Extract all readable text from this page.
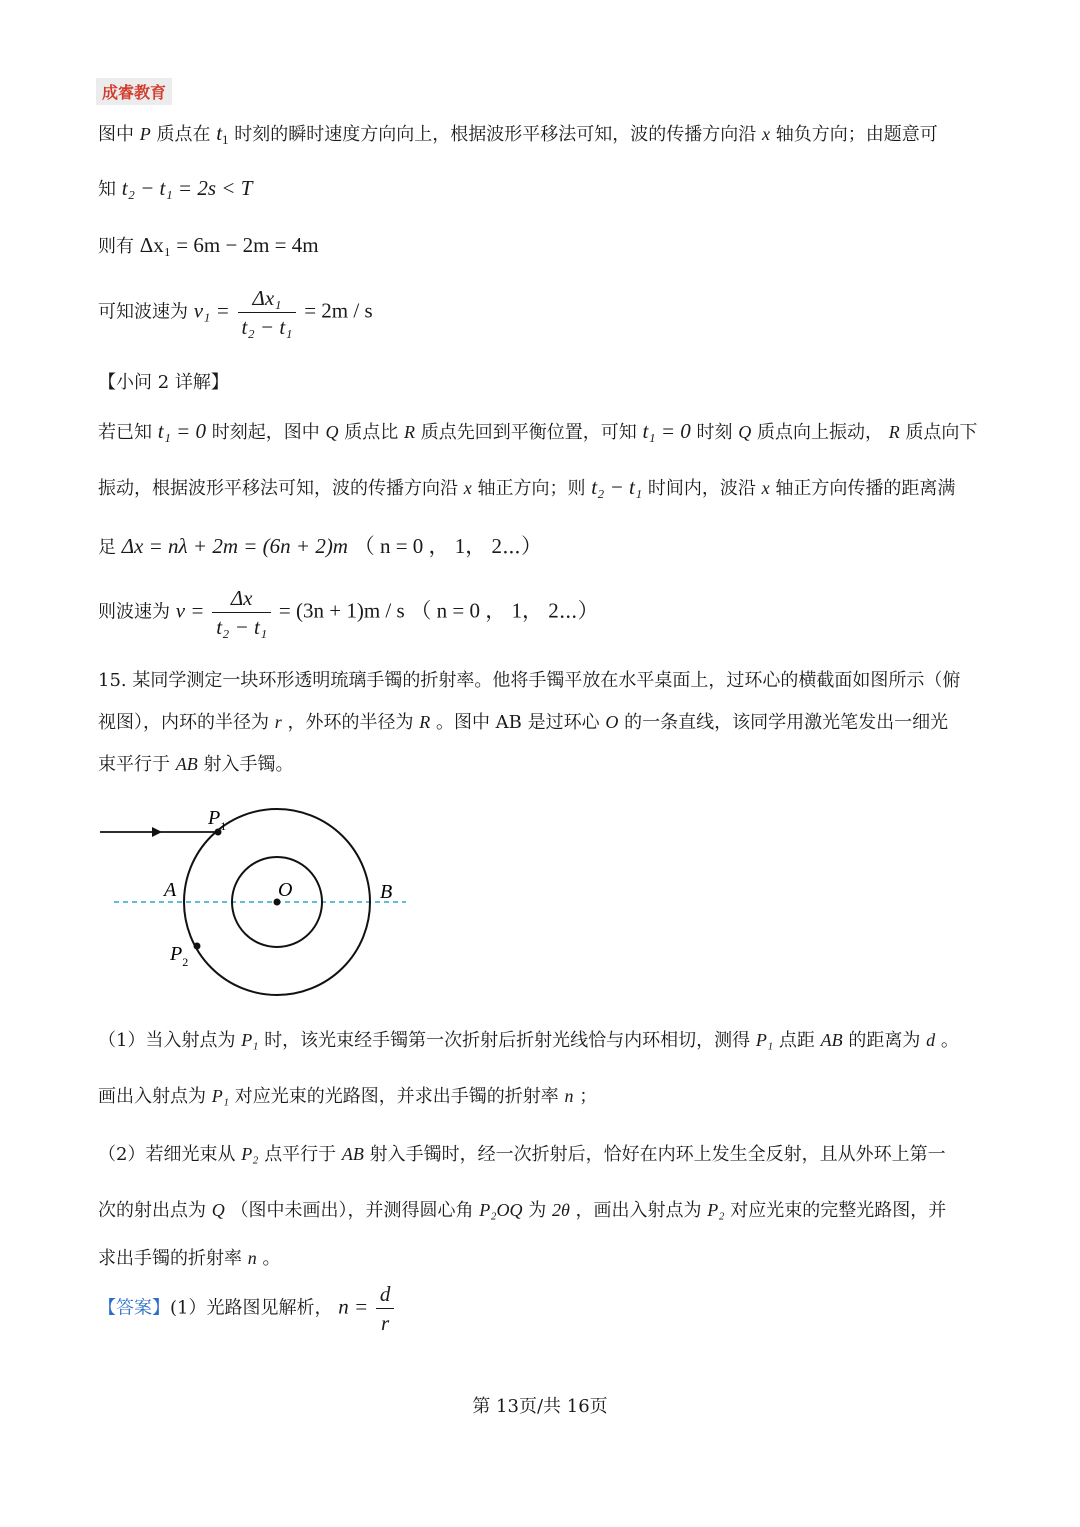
成睿教育
图中 P 质点在 $t_1$ 时刻的瞬时速度方向向上，根据波形平移法可知，波的传播方向沿 x 轴负方向；由题意可
知 t₂ − t₁ = 2s < T
则有 Δx₁ = 6m − 2m = 4m
可知波速为 $v_1 = \frac{\text{Δx₁}}{\text{t₂ − t₁}} = 2m / s$
【小问 2 详解】
若已知 t₁ = 0 时刻起，图中 Q 质点比 R 质点先回到平衡位置，可知 t₁ = 0 时刻 Q 质点向上振动， R 质点向下
振动，根据波形平移法可知，波的传播方向沿 x 轴正方向；则 t₂ − t₁ 时间内，波沿 x 轴正方向传播的距离满
足 Δx = nλ + 2m = (6n + 2)m （ n = 0 ， 1， 2⋯）
则波速为 $v = \frac{\Delta x}{\text{t₂ − t₁}} = (3n + 1)m / s$ （ n = 0 ， 1， 2⋯）
15. 某同学测定一块环形透明琉璃手镯的折射率。他将手镯平放在水平桌面上，过环心的横截面如图所示（俯
视图），内环的半径为 r ，外环的半径为 R 。图中 AB 是过环心 O 的一条直线，该同学用激光笔发出一细光
束平行于 AB 射入手镯。
$P_1$
$P_2$
A	B
O
（1）当入射点为 P₁ 时，该光束经手镯第一次折射后折射光线恰与内环相切，测得 P₁ 点距 AB 的距离为 d 。
画出入射点为 P₁ 对应光束的光路图，并求出手镯的折射率 n ；
（2）若细光束从 P₂ 点平行于 AB 射入手镯时，经一次折射后，恰好在内环上发生全反射，且从外环上第一
次的射出点为 Q （图中未画出），并测得圆心角 P₂OQ 为 2θ ，画出入射点为 P₂ 对应光束的完整光路图，并
求出手镯的折射率 n 。
【答案】(1）光路图见解析， $n = \frac{d}{r}$
第 13页/共 16页
